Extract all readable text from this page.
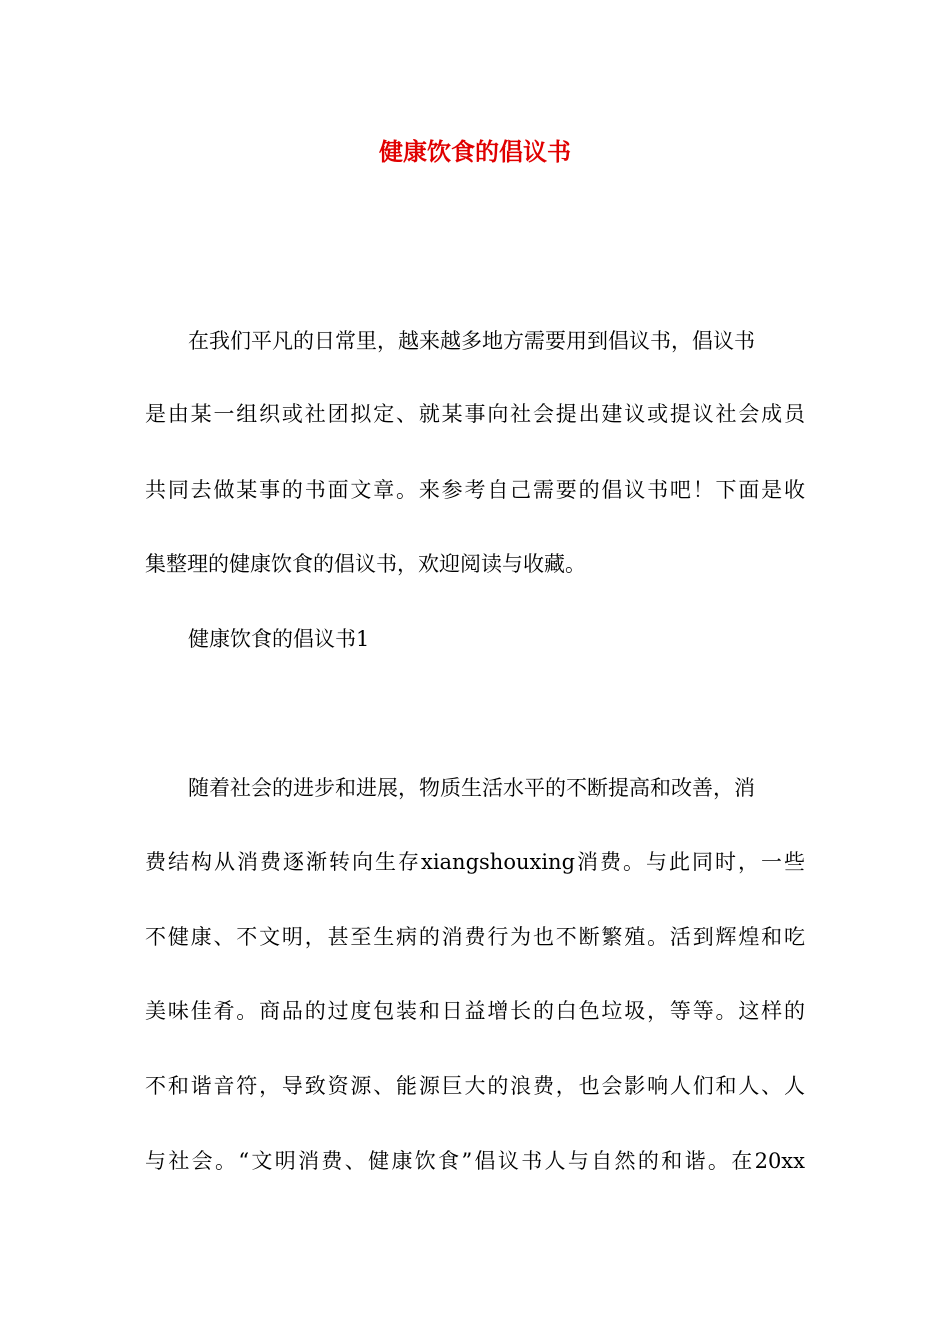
健康饮食的倡议书

在我们平凡的日常里，越来越多地方需要用到倡议书，倡议书

是由某一组织或社团拟定、就某事向社会提出建议或提议社会成员

共同去做某事的书面文章。来参考自己需要的倡议书吧！下面是收

集整理的健康饮食的倡议书，欢迎阅读与收藏。

健康饮食的倡议书1

随着社会的进步和进展，物质生活水平的不断提高和改善，消

费结构从消费逐渐转向生存xiangshouxing消费。与此同时，一些

不健康、不文明，甚至生病的消费行为也不断繁殖。活到辉煌和吃

美味佳肴。商品的过度包装和日益增长的白色垃圾，等等。这样的

不和谐音符，导致资源、能源巨大的浪费，也会影响人们和人、人

与社会。“文明消费、健康饮食”倡议书人与自然的和谐。在20xx
